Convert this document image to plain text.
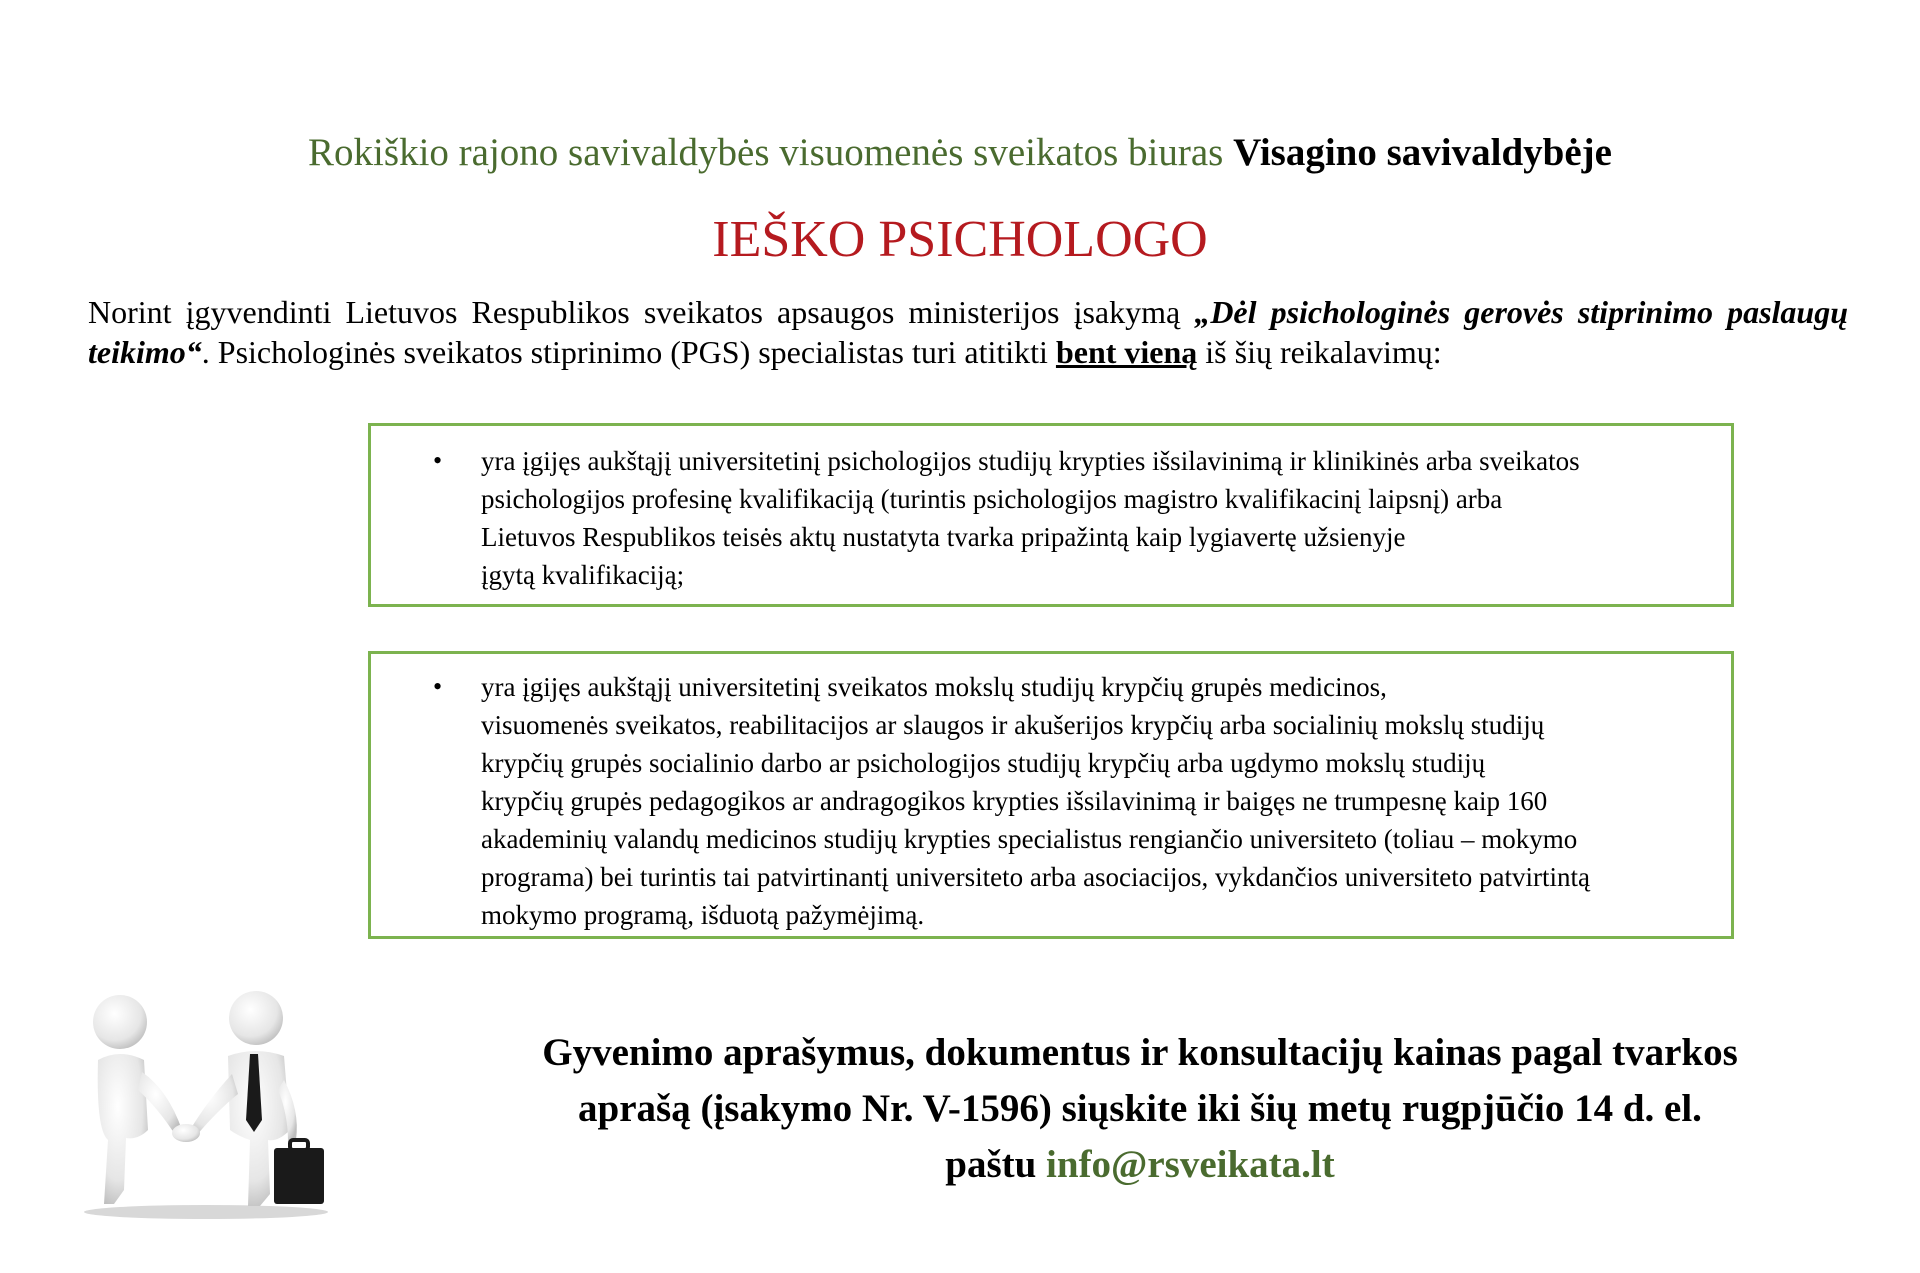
Rokiškio rajono savivaldybės visuomenės sveikatos biuras Visagino savivaldybėje
IEŠKO PSICHOLOGO
Norint įgyvendinti Lietuvos Respublikos sveikatos apsaugos ministerijos įsakymą „Dėl psichologinės gerovės stiprinimo paslaugų teikimo“. Psichologinės sveikatos stiprinimo (PGS) specialistas turi atitikti bent vieną iš šių reikalavimų:
• yra įgijęs aukštąjį universitetinį psichologijos studijų krypties išsilavinimą ir klinikinės arba sveikatos
psichologijos profesinę kvalifikaciją (turintis psichologijos magistro kvalifikacinį laipsnį) arba
Lietuvos Respublikos teisės aktų nustatyta tvarka pripažintą kaip lygiavertę užsienyje
įgytą kvalifikaciją;
• yra įgijęs aukštąjį universitetinį sveikatos mokslų studijų krypčių grupės medicinos,
visuomenės sveikatos, reabilitacijos ar slaugos ir akušerijos krypčių arba socialinių mokslų studijų
krypčių grupės socialinio darbo ar psichologijos studijų krypčių arba ugdymo mokslų studijų
krypčių grupės pedagogikos ar andragogikos krypties išsilavinimą ir baigęs ne trumpesnę kaip 160
akademinių valandų medicinos studijų krypties specialistus rengiančio universiteto (toliau – mokymo
programa) bei turintis tai patvirtinantį universiteto arba asociacijos, vykdančios universiteto patvirtintą
mokymo programą, išduotą pažymėjimą.
Gyvenimo aprašymus, dokumentus ir konsultacijų kainas pagal tvarkos
aprašą (įsakymo Nr. V-1596) siųskite iki šių metų rugpjūčio 14 d. el.
paštu info@rsveikata.lt
